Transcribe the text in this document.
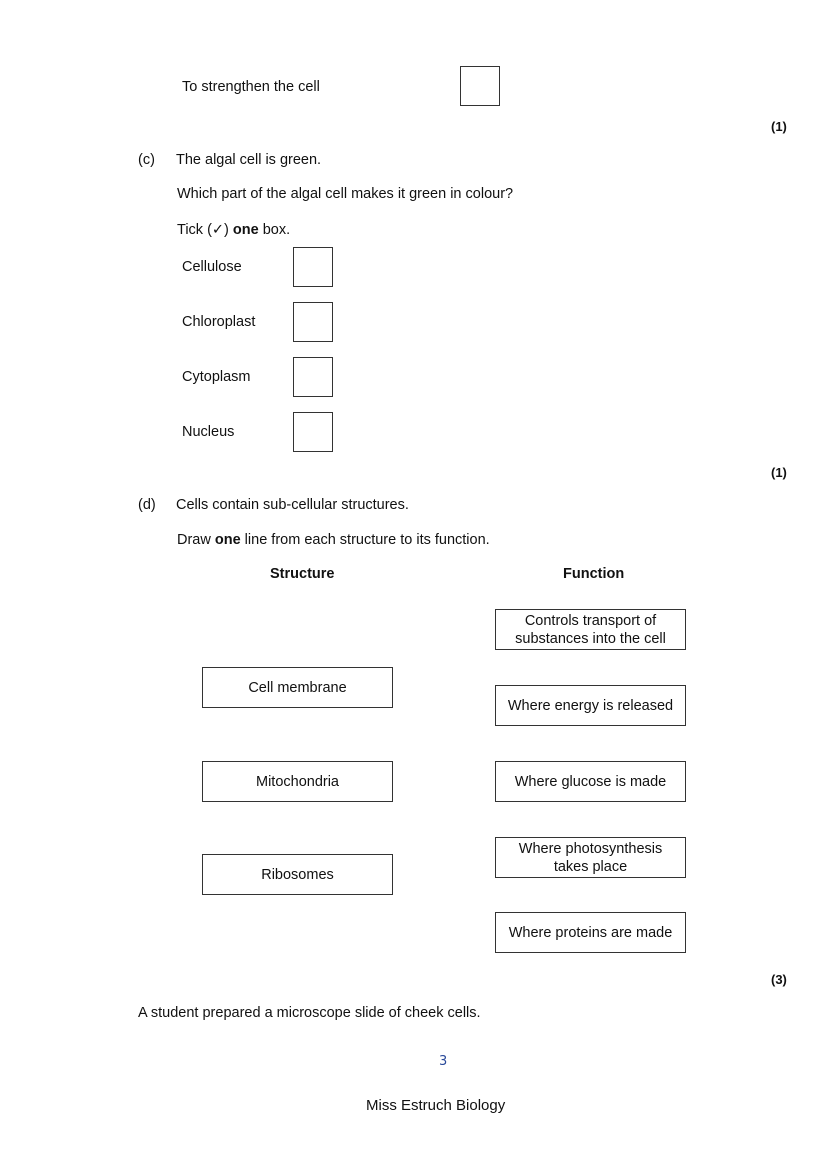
To strengthen the cell
(1)
(c) The algal cell is green.
Which part of the algal cell makes it green in colour?
Tick (✓) one box.
Cellulose
Chloroplast
Cytoplasm
Nucleus
(1)
(d) Cells contain sub-cellular structures.
Draw one line from each structure to its function.
Structure	Function
Cell membrane
Mitochondria
Ribosomes
Controls transport of substances into the cell
Where energy is released
Where glucose is made
Where photosynthesis takes place
Where proteins are made
(3)
A student prepared a microscope slide of cheek cells.
3
Miss Estruch Biology
